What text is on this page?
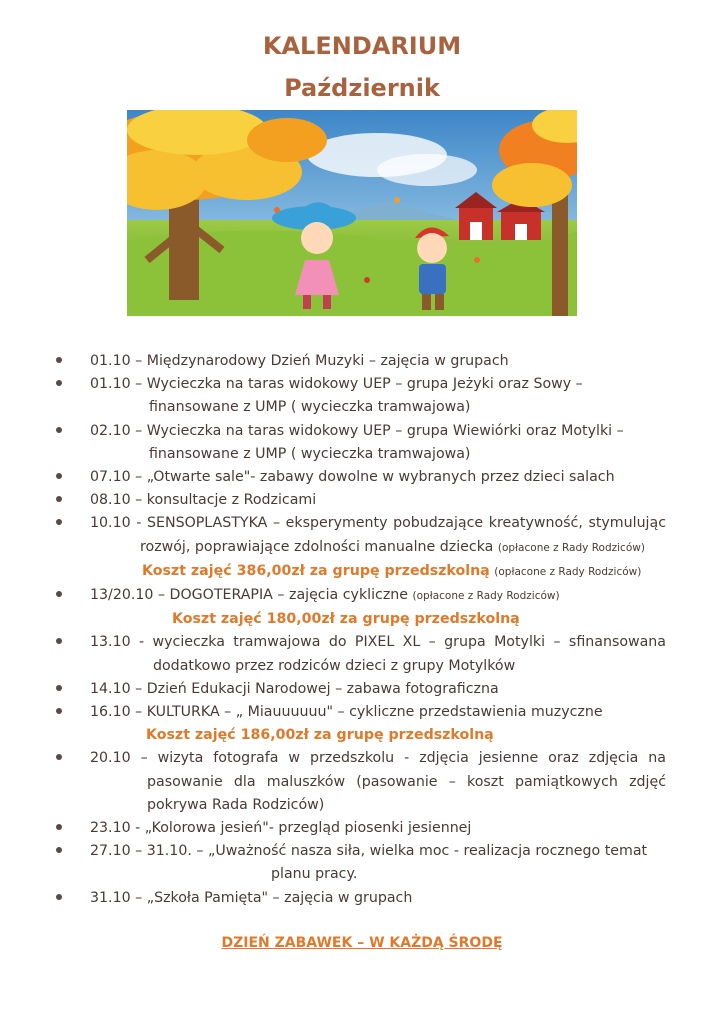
KALENDARIUM
Październik
01.10 – Międzynarodowy Dzień Muzyki – zajęcia w grupach
01.10 – Wycieczka na taras widokowy UEP – grupa Jeżyki oraz Sowy –
finansowane z UMP ( wycieczka tramwajowa)
02.10 – Wycieczka na taras widokowy UEP – grupa Wiewiórki oraz Motylki –
finansowane z UMP ( wycieczka tramwajowa)
07.10 – „Otwarte sale"- zabawy dowolne w wybranych przez dzieci salach
08.10 – konsultacje z Rodzicami
10.10 - SENSOPLASTYKA – eksperymenty pobudzające kreatywność, stymulując
rozwój, poprawiające zdolności manualne dziecka (opłacone z Rady Rodziców)
Koszt zajęć 386,00zł za grupę przedszkolną (opłacone z Rady Rodziców)
13/20.10 – DOGOTERAPIA – zajęcia cykliczne (opłacone z Rady Rodziców)
Koszt zajęć 180,00zł za grupę przedszkolną
13.10 - wycieczka tramwajowa do PIXEL XL – grupa Motylki – sfinansowana
dodatkowo przez rodziców dzieci z grupy Motylków
14.10 – Dzień Edukacji Narodowej – zabawa fotograficzna
16.10 – KULTURKA – „ Miauuuuuu" – cykliczne przedstawienia muzyczne
Koszt zajęć 186,00zł za grupę przedszkolną
20.10 – wizyta fotografa w przedszkolu - zdjęcia jesienne oraz zdjęcia na
pasowanie dla maluszków (pasowanie – koszt pamiątkowych zdjęć
pokrywa Rada Rodziców)
23.10 - „Kolorowa jesień"- przegląd piosenki jesiennej
27.10 – 31.10. – „Uważność nasza siła, wielka moc - realizacja rocznego temat
planu pracy.
31.10 – „Szkoła Pamięta" – zajęcia w grupach
DZIEŃ ZABAWEK – W KAŻDĄ ŚRODĘ
